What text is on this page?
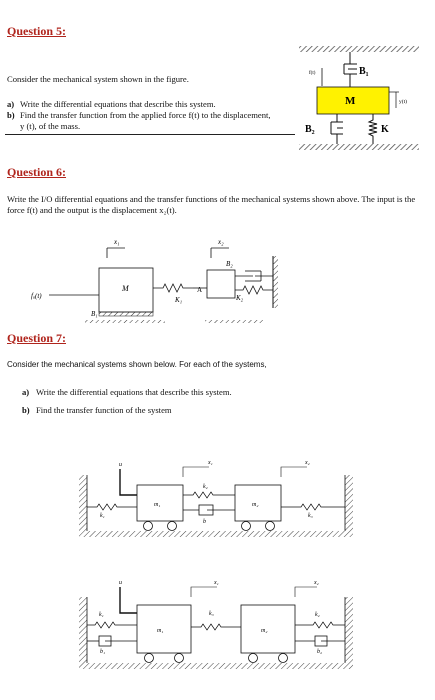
Question 5:
Consider the mechanical system shown in the figure.
a) Write the differential equations that describe this system.
b) Find the transfer function from the applied force f(t) to the displacement, y (t), of the mass.
B₁
f(t)
M	y(t)
B₂	K
Question 6:
Write the I/O differential equations and the transfer functions of the mechanical systems shown above. The input is the force f(t) and the output is the displacement x₂(t).
x₁	x₂
fₐ(t)
M
B₁
K₁
A
B₂
K₂
Question 7:
Consider the mechanical systems shown below. For each of the systems,
a) Write the differential equations that describe this system.
b) Find the transfer function of the system
u
k₁
m₁
x₁
k₂
b
m₂
x₂
k₃
u
k₁
b₁
m₁
x₁
k₃
m₂
x₂
k₂
b₂
